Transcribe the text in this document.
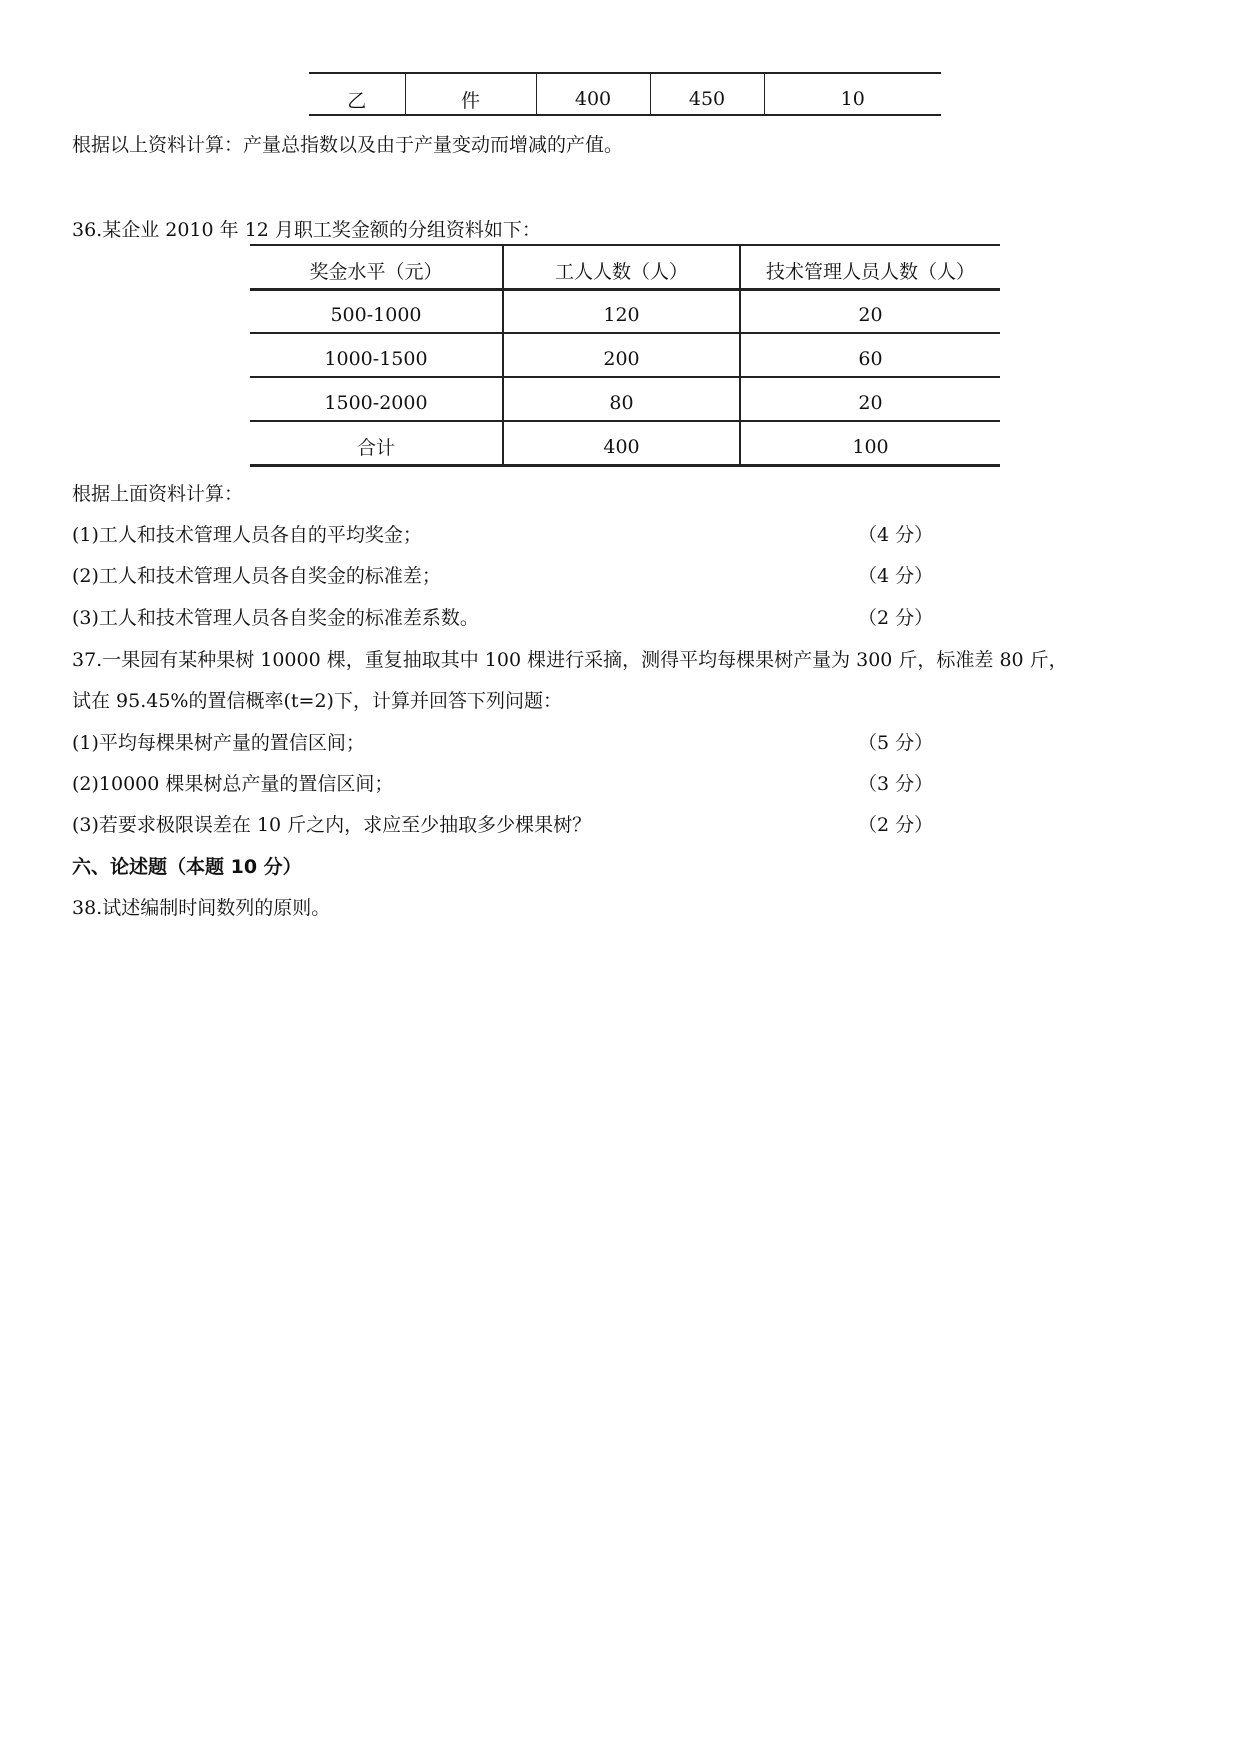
乙	件	400	450	10
根据以上资料计算：产量总指数以及由于产量变动而增减的产值。
36.某企业 2010 年 12 月职工奖金额的分组资料如下：
奖金水平（元）	工人人数（人）	技术管理人员人数（人）
500-1000	120	20
1000-1500	200	60
1500-2000	80	20
合计	400	100
根据上面资料计算：
(1)工人和技术管理人员各自的平均奖金；	（4 分）
(2)工人和技术管理人员各自奖金的标准差；	（4 分）
(3)工人和技术管理人员各自奖金的标准差系数。	（2 分）
37.一果园有某种果树 10000 棵，重复抽取其中 100 棵进行采摘，测得平均每棵果树产量为 300 斤，标准差 80 斤，
试在 95.45%的置信概率(t=2)下，计算并回答下列问题：
(1)平均每棵果树产量的置信区间；	（5 分）
(2)10000 棵果树总产量的置信区间；	（3 分）
(3)若要求极限误差在 10 斤之内，求应至少抽取多少棵果树？	（2 分）
六、论述题（本题 10 分）
38.试述编制时间数列的原则。
